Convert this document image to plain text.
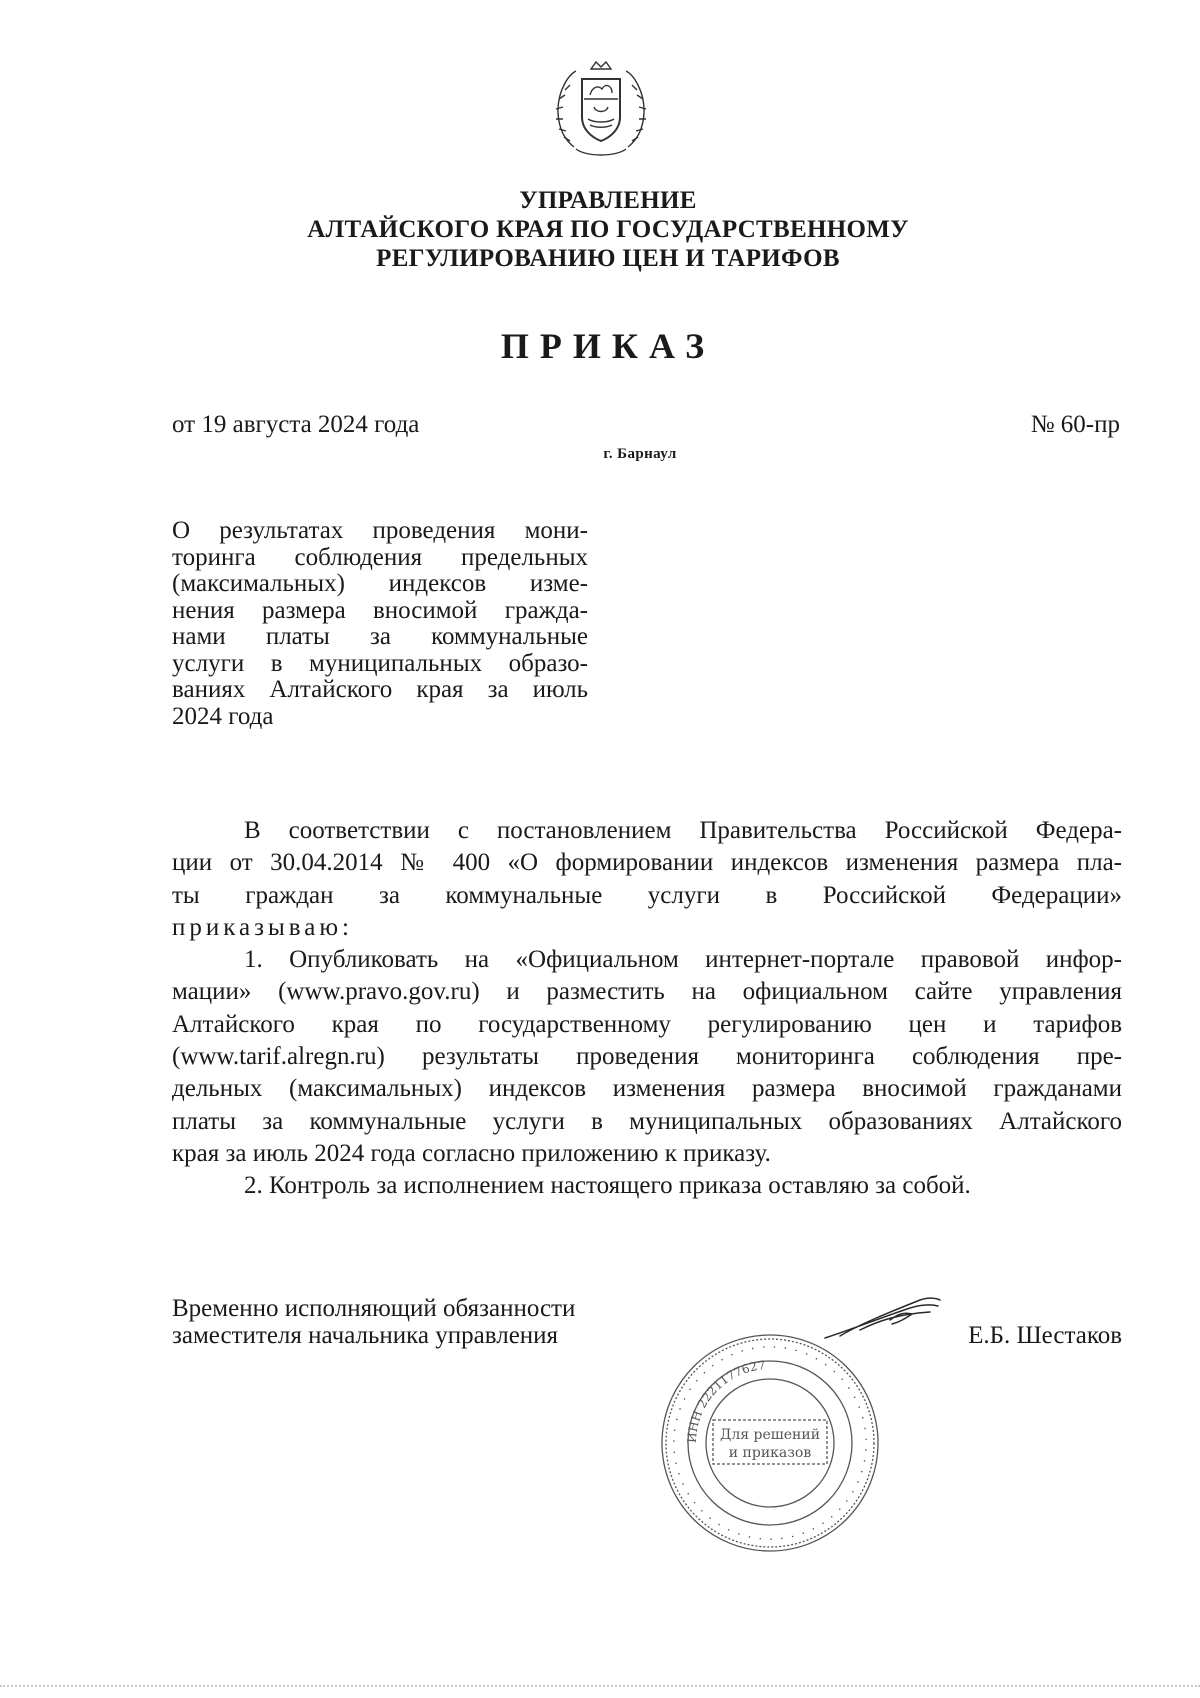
УПРАВЛЕНИЕ
АЛТАЙСКОГО КРАЯ ПО ГОСУДАРСТВЕННОМУ
РЕГУЛИРОВАНИЮ ЦЕН И ТАРИФОВ
ПРИКАЗ
от 19 августа 2024 года	№ 60-пр
г. Барнаул
О результатах проведения мони-
торинга соблюдения предельных
(максимальных) индексов изме-
нения размера вносимой гражда-
нами платы за коммунальные
услуги в муниципальных образо-
ваниях Алтайского края за июль
2024 года
В соответствии с постановлением Правительства Российской Федера-
ции от 30.04.2014 № 400 «О формировании индексов изменения размера пла-
ты граждан за коммунальные услуги в Российской Федерации»
приказываю:
1. Опубликовать на «Официальном интернет-портале правовой инфор-
мации» (www.pravo.gov.ru) и разместить на официальном сайте управления
Алтайского края по государственному регулированию цен и тарифов
(www.tarif.alregn.ru) результаты проведения мониторинга соблюдения пре-
дельных (максимальных) индексов изменения размера вносимой гражданами
платы за коммунальные услуги в муниципальных образованиях Алтайского
края за июль 2024 года согласно приложению к приказу.
2. Контроль за исполнением настоящего приказа оставляю за собой.
Временно исполняющий обязанности
заместителя начальника управления	Е.Б. Шестаков
· · · · · · · · · · · · · · · · · · · · · · · · · · · · · · · · · · · · · · · · · · · · · · · · · · · · · · ·
ИНН 2221177627
Для решений
и приказов
